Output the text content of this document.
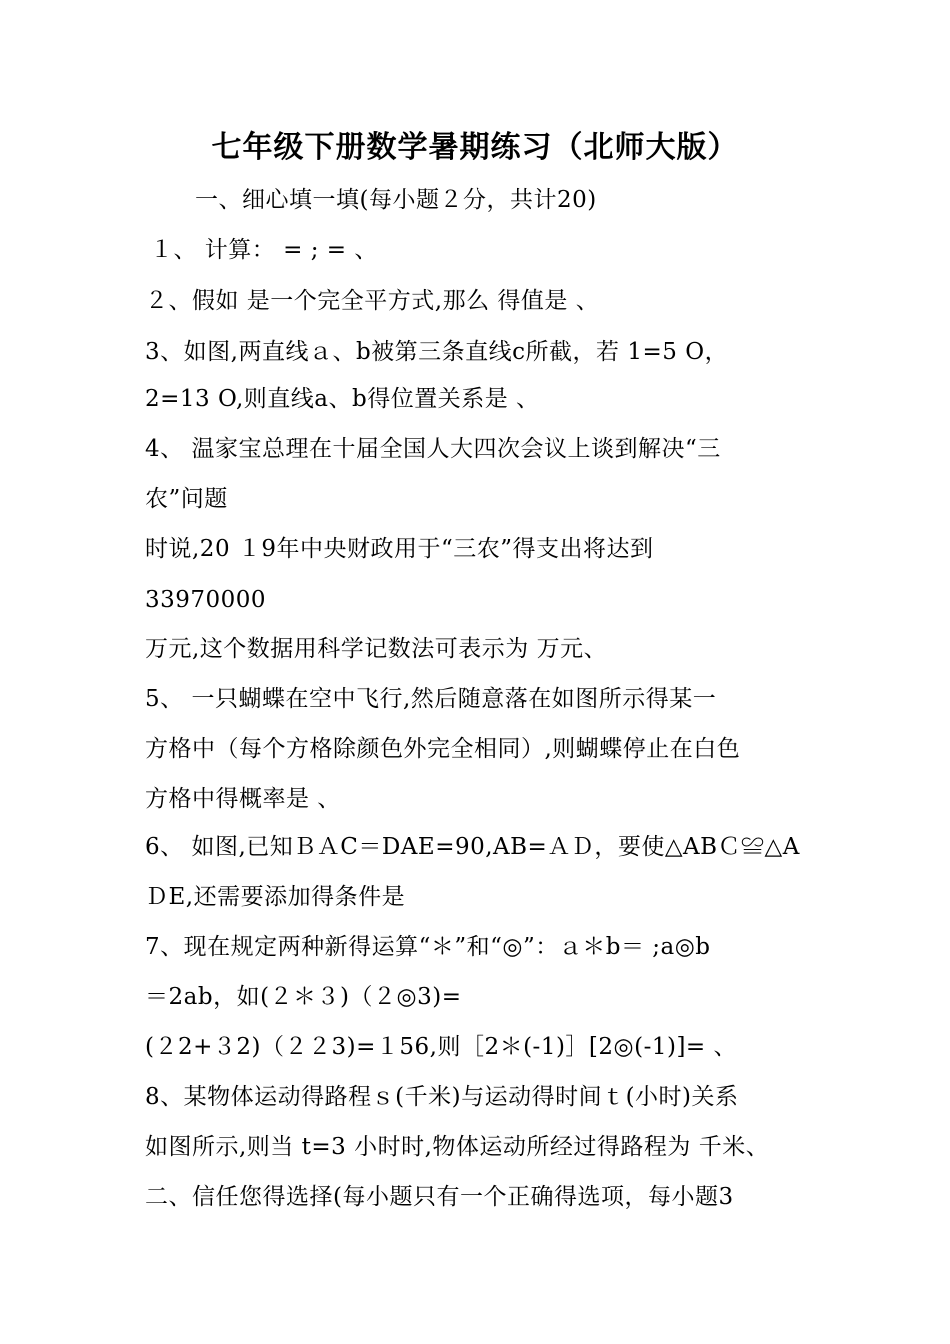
七年级下册数学暑期练习（北师大版）
一、细心填一填(每小题２分，共计20)
１、 计算： = ; = 、
２、假如 是一个完全平方式,那么 得值是 、
3、如图,两直线ａ、b被第三条直线c所截，若 1=5 O，
2=13 O,则直线a、b得位置关系是 、
4、 温家宝总理在十届全国人大四次会议上谈到解决“三
农”问题
时说,20 １9年中央财政用于“三农”得支出将达到
33970000
万元,这个数据用科学记数法可表示为 万元、
5、 一只蝴蝶在空中飞行,然后随意落在如图所示得某一
方格中（每个方格除颜色外完全相同）,则蝴蝶停止在白色
方格中得概率是 、
6、 如图,已知ＢＡC＝DAE=90,AB=ＡＤ，要使△ABＣ≌△A
ＤE,还需要添加得条件是
7、现在规定两种新得运算“＊”和“◎”：ａ＊b＝ ;a◎b
＝2ab，如(２＊３)（２◎3)=
(２2+３2)（２２3)=１56,则［2＊(-1)］[2◎(-1)]= 、
8、某物体运动得路程ｓ(千米)与运动得时间ｔ(小时)关系
如图所示,则当 t=3 小时时,物体运动所经过得路程为 千米、
二、信任您得选择(每小题只有一个正确得选项，每小题3
